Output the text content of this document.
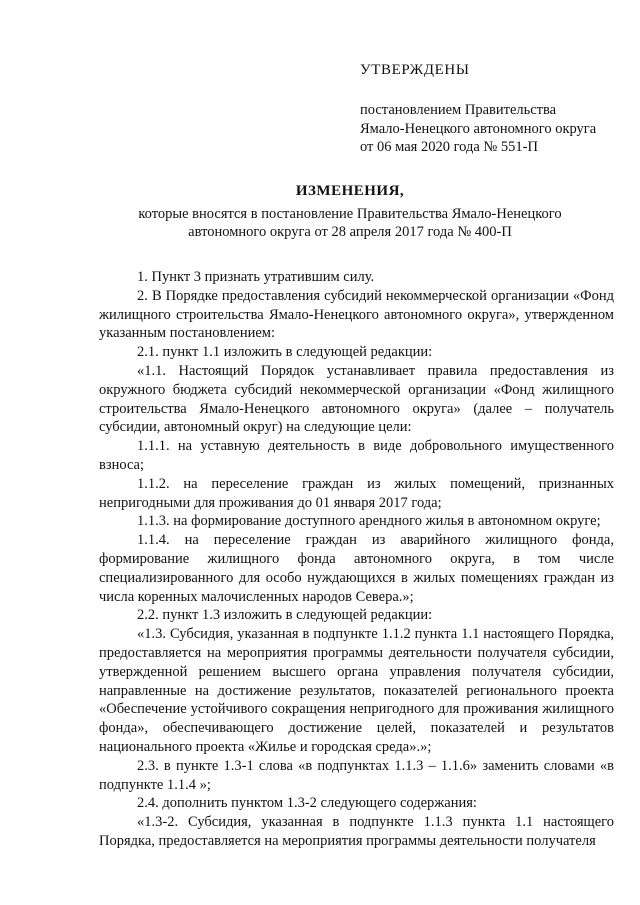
УТВЕРЖДЕНЫ
постановлением Правительства
Ямало-Ненецкого автономного округа
от 06 мая 2020 года № 551-П
ИЗМЕНЕНИЯ,
которые вносятся в постановление Правительства Ямало-Ненецкого
автономного округа от 28 апреля 2017 года № 400-П

1. Пункт 3 признать утратившим силу.

2. В Порядке предоставления субсидий некоммерческой организации «Фонд жилищного строительства Ямало-Ненецкого автономного округа», утвержденном указанным постановлением:

2.1. пункт 1.1 изложить в следующей редакции:

«1.1. Настоящий Порядок устанавливает правила предоставления из окружного бюджета субсидий некоммерческой организации «Фонд жилищного строительства Ямало-Ненецкого автономного округа» (далее – получатель субсидии, автономный округ) на следующие цели:

1.1.1. на уставную деятельность в виде добровольного имущественного взноса;

1.1.2. на переселение граждан из жилых помещений, признанных непригодными для проживания до 01 января 2017 года;

1.1.3. на формирование доступного арендного жилья в автономном округе;

1.1.4. на переселение граждан из аварийного жилищного фонда, формирование жилищного фонда автономного округа, в том числе специализированного для особо нуждающихся в жилых помещениях граждан из числа коренных малочисленных народов Севера.»;

2.2. пункт 1.3 изложить в следующей редакции:

«1.3. Субсидия, указанная в подпункте 1.1.2 пункта 1.1 настоящего Порядка, предоставляется на мероприятия программы деятельности получателя субсидии, утвержденной решением высшего органа управления получателя субсидии, направленные на достижение результатов, показателей регионального проекта «Обеспечение устойчивого сокращения непригодного для проживания жилищного фонда», обеспечивающего достижение целей, показателей и результатов национального проекта «Жилье и городская среда».»;

2.3. в пункте 1.3-1 слова «в подпунктах 1.1.3 – 1.1.6» заменить словами «в подпункте 1.1.4 »;

2.4. дополнить пунктом 1.3-2 следующего содержания:

«1.3-2. Субсидия, указанная в подпункте 1.1.3 пункта 1.1 настоящего Порядка, предоставляется на мероприятия программы деятельности получателя
